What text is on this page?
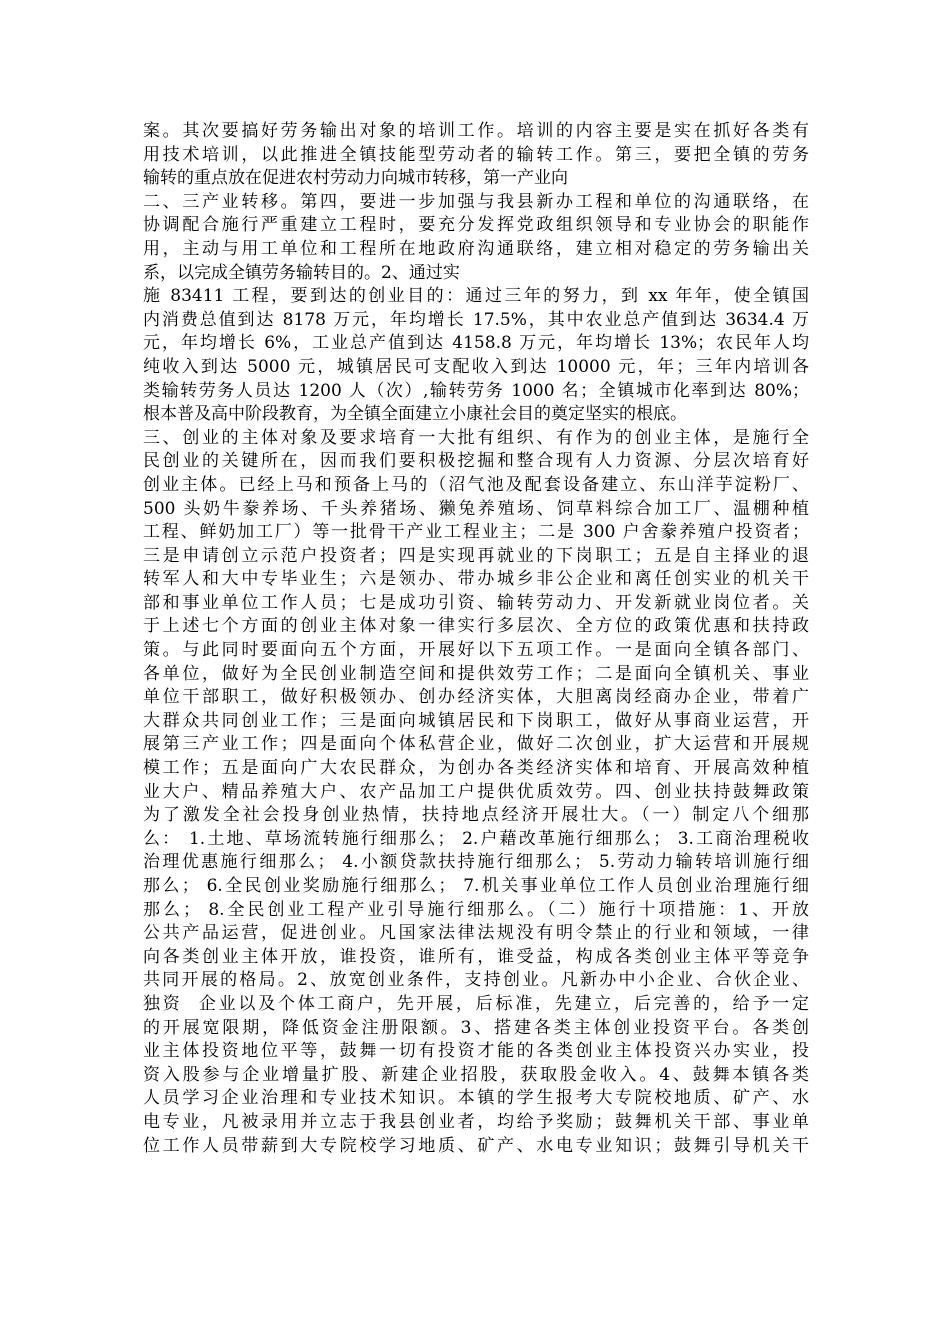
案。其次要搞好劳务输出对象的培训工作。培训的内容主要是实在抓好各类有
用技术培训，以此推进全镇技能型劳动者的输转工作。第三，要把全镇的劳务
输转的重点放在促进农村劳动力向城市转移，第一产业向
二、三产业转移。第四，要进一步加强与我县新办工程和单位的沟通联络，在
协调配合施行严重建立工程时，要充分发挥党政组织领导和专业协会的职能作
用，主动与用工单位和工程所在地政府沟通联络，建立相对稳定的劳务输出关
系，以完成全镇劳务输转目的。2、通过实
施 83411 工程，要到达的创业目的：通过三年的努力，到 xx 年年，使全镇国
内消费总值到达 8178 万元，年均增长 17.5%，其中农业总产值到达 3634.4 万
元，年均增长 6%，工业总产值到达 4158.8 万元，年均增长 13%；农民年人均
纯收入到达 5000 元，城镇居民可支配收入到达 10000 元，年；三年内培训各
类输转劳务人员达 1200 人（次）,输转劳务 1000 名；全镇城市化率到达 80%；
根本普及高中阶段教育，为全镇全面建立小康社会目的奠定坚实的根底。
三、创业的主体对象及要求培育一大批有组织、有作为的创业主体，是施行全
民创业的关键所在，因而我们要积极挖掘和整合现有人力资源、分层次培育好
创业主体。已经上马和预备上马的（沼气池及配套设备建立、东山洋芋淀粉厂、
500 头奶牛豢养场、千头养猪场、獭兔养殖场、饲草料综合加工厂、温棚种植
工程、鲜奶加工厂）等一批骨干产业工程业主；二是 300 户舍豢养殖户投资者；
三是申请创立示范户投资者；四是实现再就业的下岗职工；五是自主择业的退
转军人和大中专毕业生；六是领办、带办城乡非公企业和离任创实业的机关干
部和事业单位工作人员；七是成功引资、输转劳动力、开发新就业岗位者。关
于上述七个方面的创业主体对象一律实行多层次、全方位的政策优惠和扶持政
策。与此同时要面向五个方面，开展好以下五项工作。一是面向全镇各部门、
各单位，做好为全民创业制造空间和提供效劳工作；二是面向全镇机关、事业
单位干部职工，做好积极领办、创办经济实体，大胆离岗经商办企业，带着广
大群众共同创业工作；三是面向城镇居民和下岗职工，做好从事商业运营，开
展第三产业工作；四是面向个体私营企业，做好二次创业，扩大运营和开展规
模工作；五是面向广大农民群众，为创办各类经济实体和培育、开展高效种植
业大户、精品养殖大户、农产品加工户提供优质效劳。四、创业扶持鼓舞政策
为了激发全社会投身创业热情，扶持地点经济开展壮大。（一）制定八个细那
么： 1.土地、草场流转施行细那么； 2.户藉改革施行细那么； 3.工商治理税收
治理优惠施行细那么； 4.小额贷款扶持施行细那么； 5.劳动力输转培训施行细
那么； 6.全民创业奖励施行细那么； 7.机关事业单位工作人员创业治理施行细
那么； 8.全民创业工程产业引导施行细那么。（二）施行十项措施：1、开放
公共产品运营，促进创业。凡国家法律法规没有明令禁止的行业和领域，一律
向各类创业主体开放，谁投资，谁所有，谁受益，构成各类创业主体平等竞争
共同开展的格局。2、放宽创业条件，支持创业。凡新办中小企业、合伙企业、
独资  企业以及个体工商户，先开展，后标准，先建立，后完善的，给予一定
的开展宽限期，降低资金注册限额。3、搭建各类主体创业投资平台。各类创
业主体投资地位平等，鼓舞一切有投资才能的各类创业主体投资兴办实业，投
资入股参与企业增量扩股、新建企业招股，获取股金收入。4、鼓舞本镇各类
人员学习企业治理和专业技术知识。本镇的学生报考大专院校地质、矿产、水
电专业，凡被录用并立志于我县创业者，均给予奖励；鼓舞机关干部、事业单
位工作人员带薪到大专院校学习地质、矿产、水电专业知识；鼓舞引导机关干
